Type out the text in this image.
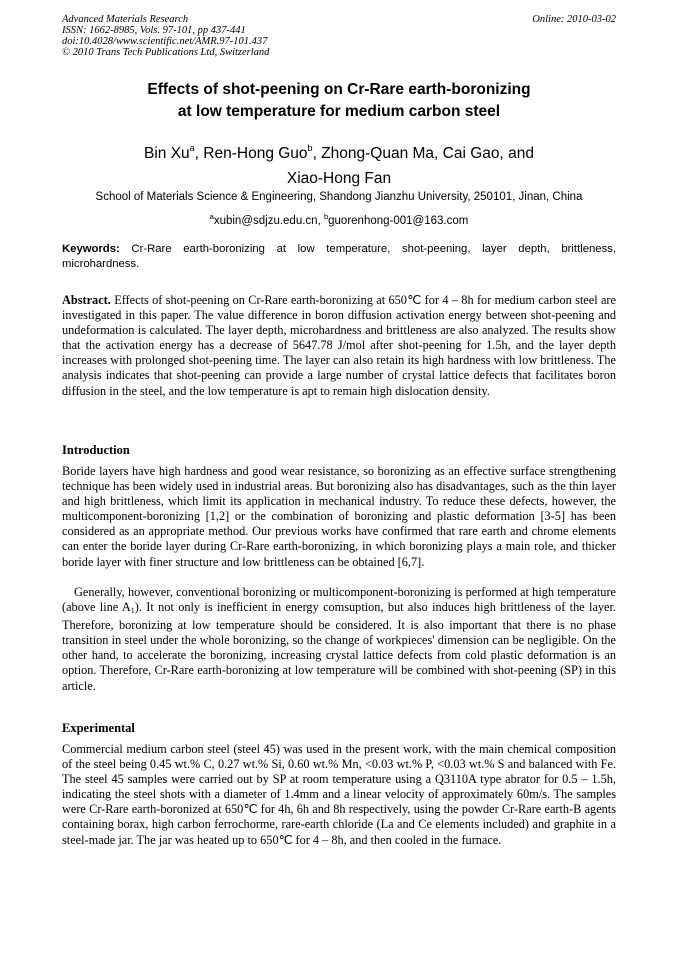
Advanced Materials Research
ISSN: 1662-8985, Vols. 97-101, pp 437-441
doi:10.4028/www.scientific.net/AMR.97-101.437
© 2010 Trans Tech Publications Ltd, Switzerland
Online: 2010-03-02
Effects of shot-peening on Cr-Rare earth-boronizing
at low temperature for medium carbon steel
Bin Xu$^a$, Ren-Hong Guo$^b$, Zhong-Quan Ma, Cai Gao, and
Xiao-Hong Fan
School of Materials Science & Engineering, Shandong Jianzhu University, 250101, Jinan, China
$^a$xubin@sdjzu.edu.cn, $^b$guorenhong-001@163.com
Keywords: Cr-Rare earth-boronizing at low temperature, shot-peening, layer depth, brittleness, microhardness.
Abstract. Effects of shot-peening on Cr-Rare earth-boronizing at 650℃ for 4 – 8h for medium carbon steel are investigated in this paper. The value difference in boron diffusion activation energy between shot-peening and undeformation is calculated. The layer depth, microhardness and brittleness are also analyzed. The results show that the activation energy has a decrease of 5647.78 J/mol after shot-peening for 1.5h, and the layer depth increases with prolonged shot-peening time. The layer can also retain its high hardness with low brittleness. The analysis indicates that shot-peening can provide a large number of crystal lattice defects that facilitates boron diffusion in the steel, and the low temperature is apt to remain high dislocation density.
Introduction
Boride layers have high hardness and good wear resistance, so boronizing as an effective surface strengthening technique has been widely used in industrial areas. But boronizing also has disadvantages, such as the thin layer and high brittleness, which limit its application in mechanical industry. To reduce these defects, however, the multicomponent-boronizing [1,2] or the combination of boronizing and plastic deformation [3-5] has been considered as an appropriate method. Our previous works have confirmed that rare earth and chrome elements can enter the boride layer during Cr-Rare earth-boronizing, in which boronizing plays a main role, and thicker boride layer with finer structure and low brittleness can be obtained [6,7].
Generally, however, conventional boronizing or multicomponent-boronizing is performed at high temperature (above line $A_1$). It not only is inefficient in energy comsuption, but also induces high brittleness of the layer. Therefore, boronizing at low temperature should be considered. It is also important that there is no phase transition in steel under the whole boronizing, so the change of workpieces' dimension can be negligible. On the other hand, to accelerate the boronizing, increasing crystal lattice defects from cold plastic deformation is an option. Therefore, Cr-Rare earth-boronizing at low temperature will be combined with shot-peening (SP) in this article.
Experimental
Commercial medium carbon steel (steel 45) was used in the present work, with the main chemical composition of the steel being 0.45 wt.% C, 0.27 wt.% Si, 0.60 wt.% Mn, <0.03 wt.% P, <0.03 wt.% S and balanced with Fe. The steel 45 samples were carried out by SP at room temperature using a Q3110A type abrator for 0.5 – 1.5h, indicating the steel shots with a diameter of 1.4mm and a linear velocity of approximately 60m/s. The samples were Cr-Rare earth-boronized at 650℃ for 4h, 6h and 8h respectively, using the powder Cr-Rare earth-B agents containing borax, high carbon ferrochorme, rare-earth chloride (La and Ce elements included) and graphite in a steel-made jar. The jar was heated up to 650℃ for 4 – 8h, and then cooled in the furnace.
